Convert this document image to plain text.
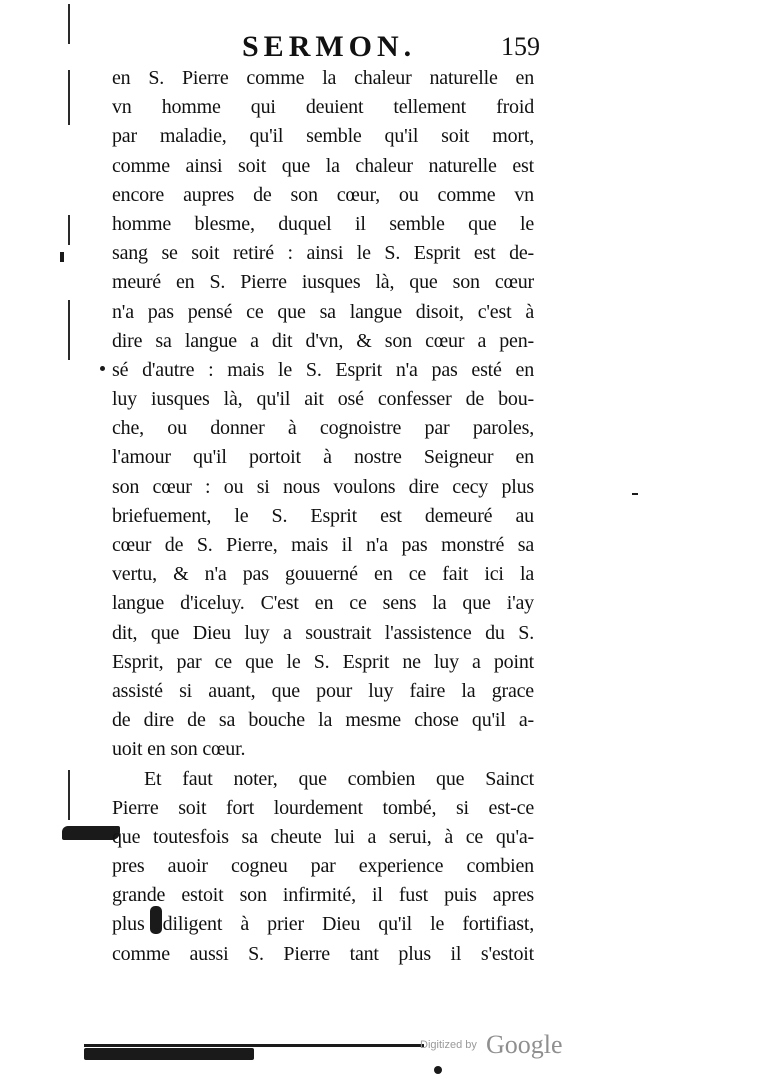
SERMON.	159
en S. Pierre comme la chaleur naturelle en
vn homme qui deuient tellement froid
par maladie, qu'il semble qu'il soit mort,
comme ainsi soit que la chaleur naturelle est
encore aupres de son cœur, ou comme vn
homme blesme, duquel il semble que le
sang se soit retiré : ainsi le S. Esprit est de-
meuré en S. Pierre iusques là, que son cœur
n'a pas pensé ce que sa langue disoit, c'est à
dire sa langue a dit d'vn, & son cœur a pen-
sé d'autre : mais le S. Esprit n'a pas esté en
luy iusques là, qu'il ait osé confesser de bou-
che, ou donner à cognoistre par paroles,
l'amour qu'il portoit à nostre Seigneur en
son cœur : ou si nous voulons dire cecy plus
briefuement, le S. Esprit est demeuré au
cœur de S. Pierre, mais il n'a pas monstré sa
vertu, & n'a pas gouuerné en ce fait ici la
langue d'iceluy. C'est en ce sens la que i'ay
dit, que Dieu luy a soustrait l'assistence du S.
Esprit, par ce que le S. Esprit ne luy a point
assisté si auant, que pour luy faire la grace
de dire de sa bouche la mesme chose qu'il a-
uoit en son cœur.
Et faut noter, que combien que Sainct
Pierre soit fort lourdement tombé, si est-ce
que toutesfois sa cheute lui a serui, à ce qu'a-
pres auoir cogneu par experience combien
grande estoit son infirmité, il fust puis apres
plus diligent à prier Dieu qu'il le fortifiast,
comme aussi S. Pierre tant plus il s'estoit
Digitized by Google
